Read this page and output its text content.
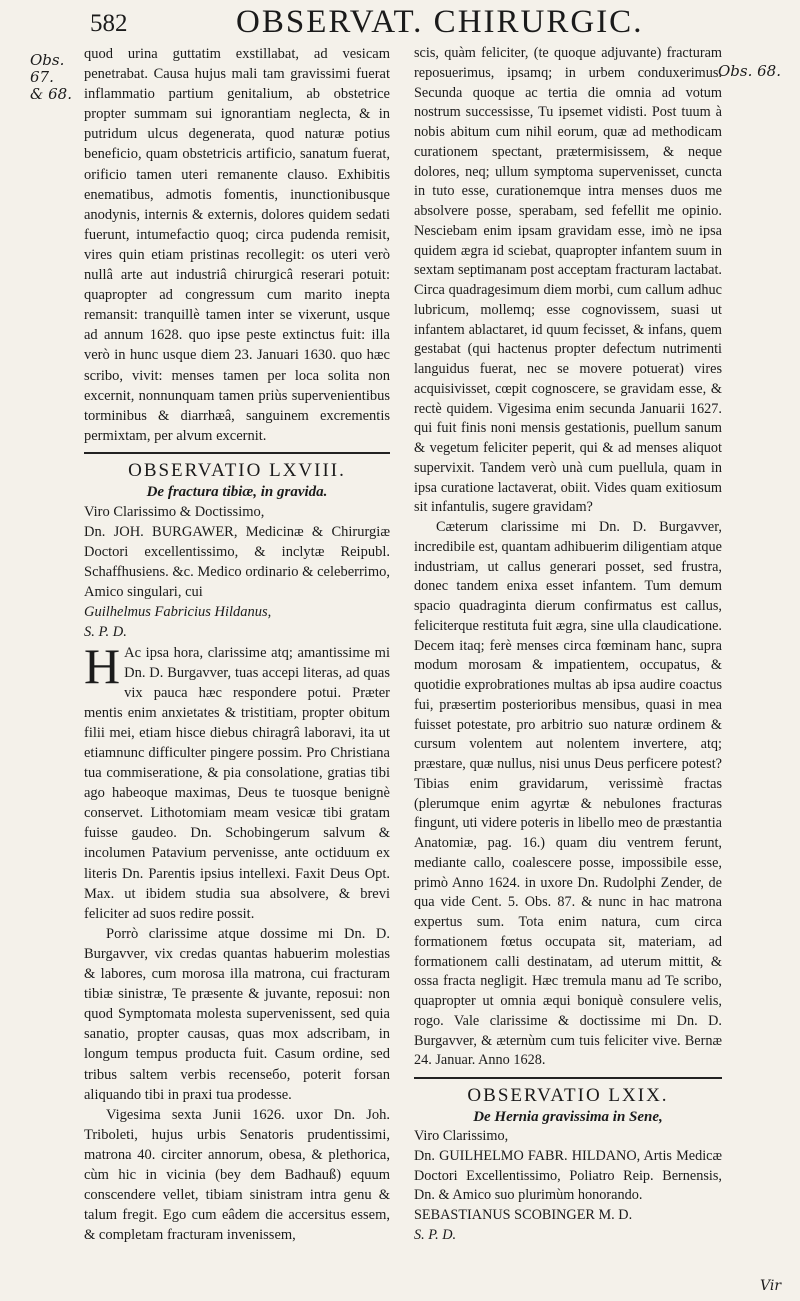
582	OBSERVAT. CHIRURGIC.
Obs. 67.
& 68.
Obs. 68.

quod urina guttatim exstillabat, ad vesicam penetrabat. Causa hujus mali tam gravissimi fuerat inflammatio partium genitalium, ab obstetrice propter summam sui ignorantiam neglecta, & in putridum ulcus degenerata, quod naturæ potius beneficio, quam obstetricis artificio, sanatum fuerat, orificio tamen uteri remanente clauso. Exhibitis enematibus, admotis fomentis, inunctionibusque anodynis, internis & externis, dolores quidem sedati fuerunt, intumefactio quoq; circa pudenda remisit, vires quin etiam pristinas recollegit: os uteri verò nullâ arte aut industriâ chirurgicâ reserari potuit: quapropter ad congressum cum marito inepta remansit: tranquillè tamen inter se vixerunt, usque ad annum 1628. quo ipse peste extinctus fuit: illa verò in hunc usque diem 23. Januari 1630. quo hæc scribo, vivit: menses tamen per loca solita non excernit, nonnunquam tamen priùs supervenientibus torminibus & diarrhæâ, sanguinem excrementis permixtam, per alvum excernit.

OBSERVATIO LXVIII.
De fractura tibiæ, in gravida.

Viro Clarissimo & Doctissimo,

Dn. JOH. BURGAWER, Medicinæ & Chirurgiæ Doctori excellentissimo, & inclytæ Reipubl. Schaffhusiens. &c. Medico ordinario & celeberrimo, Amico singulari, cui

Guilhelmus Fabricius Hildanus,

S. P. D.

H Ac ipsa hora, clarissime atq; amantissime mi Dn. D. Burgavver, tuas accepi literas, ad quas vix pauca hæc respondere potui. Præter mentis enim anxietates & tristitiam, propter obitum filii mei, etiam hisce diebus chiragrâ laboravi, ita ut etiamnunc difficulter pingere possim. Pro Christiana tua commiseratione, & pia consolatione, gratias tibi ago habeoque maximas, Deus te tuosque benignè conservet. Lithotomiam meam vesicæ tibi gratam fuisse gaudeo. Dn. Schobingerum salvum & incolumen Patavium pervenisse, ante octiduum ex literis Dn. Parentis ipsius intellexi. Faxit Deus Opt. Max. ut ibidem studia sua absolvere, & brevi feliciter ad suos redire possit.

Porrò clarissime atque dossime mi Dn. D. Burgavver, vix credas quantas habuerim molestias & labores, cum morosa illa matrona, cui fracturam tibiæ sinistræ, Te præsente & juvante, reposui: non quod Symptomata molesta supervenissent, sed quia sanatio, propter causas, quas mox adscribam, in longum tempus producta fuit. Casum ordine, sed tribus saltem verbis recenseбо, poterit forsan aliquando tibi in praxi tua prodesse.

Vigesima sexta Junii 1626. uxor Dn. Joh. Triboleti, hujus urbis Senatoris prudentissimi, matrona 40. circiter annorum, obesa, & plethorica, cùm hic in vicinia (bey dem Badhauß) equum conscendere vellet, tibiam sinistram intra genu & talum fregit. Ego cum eâdem die accersitus essem, & completam fracturam invenissem,

scis, quàm feliciter, (te quoque adjuvante) fracturam reposuerimus, ipsamq; in urbem conduxerimus. Secunda quoque ac tertia die omnia ad votum nostrum successisse, Tu ipsemet vidisti. Post tuum à nobis abitum cum nihil eorum, quæ ad methodicam curationem spectant, prætermisissem, & neque dolores, neq; ullum symptoma supervenisset, cuncta in tuto esse, curationemque intra menses duos me absolvere posse, sperabam, sed fefellit me opinio. Nesciebam enim ipsam gravidam esse, imò ne ipsa quidem ægra id sciebat, quapropter infantem suum in sextam septimanam post acceptam fracturam lactabat. Circa quadragesimum diem morbi, cum callum adhuc lubricum, mollemq; esse cognovissem, suasi ut infantem ablactaret, id quum fecisset, & infans, quem gestabat (qui hactenus propter defectum nutrimenti languidus fuerat, nec se movere potuerat) vires acquisivisset, cœpit cognoscere, se gravidam esse, & rectè quidem. Vigesima enim secunda Januarii 1627. qui fuit finis noni mensis gestationis, puellum sanum & vegetum feliciter peperit, qui & ad menses aliquot supervixit. Tandem verò unà cum puellula, quam in ipsa curatione lactaverat, obiit. Vides quam exitiosum sit infantulis, sugere gravidam?

Cæterum clarissime mi Dn. D. Burgavver, incredibile est, quantam adhibuerim diligentiam atque industriam, ut callus generari posset, sed frustra, donec tandem enixa esset infantem. Tum demum spacio quadraginta dierum confirmatus est callus, feliciterque restituta fuit ægra, sine ulla claudicatione. Decem itaq; ferè menses circa fœminam hanc, supra modum morosam & impatientem, occupatus, & quotidie exprobrationes multas ab ipsa audire coactus fui, præsertim posterioribus mensibus, quasi in mea fuisset potestate, pro arbitrio suo naturæ ordinem & cursum volentem aut nolentem invertere, atq; præstare, quæ nullus, nisi unus Deus perficere potest? Tibias enim gravidarum, verissimè fractas (plerumque enim agyrtæ & nebulones fracturas fingunt, uti videre poteris in libello meo de præstantia Anatomiæ, pag. 16.) quam diu ventrem ferunt, mediante callo, coalescere posse, impossibile esse, primò Anno 1624. in uxore Dn. Rudolphi Zender, de qua vide Cent. 5. Obs. 87. & nunc in hac matrona expertus sum. Tota enim natura, cum circa formationem fœtus occupata sit, materiam, ad formationem calli destinatam, ad uterum mittit, & ossa fracta negligit. Hæc tremula manu ad Te scribo, quapropter ut omnia æqui boniquè consulere velis, rogo. Vale clarissime & doctissime mi Dn. D. Burgavver, & æternùm cum tuis feliciter vive. Bernæ 24. Januar. Anno 1628.

OBSERVATIO LXIX.
De Hernia gravissima in Sene,

Viro Clarissimo,

Dn. GUILHELMO FABR. HILDANO, Artis Medicæ Doctori Excellentissimo, Poliatro Reip. Bernensis, Dn. & Amico suo plurimùm honorando.

SEBASTIANUS SCOBINGER M. D.

S. P. D.

Vir
